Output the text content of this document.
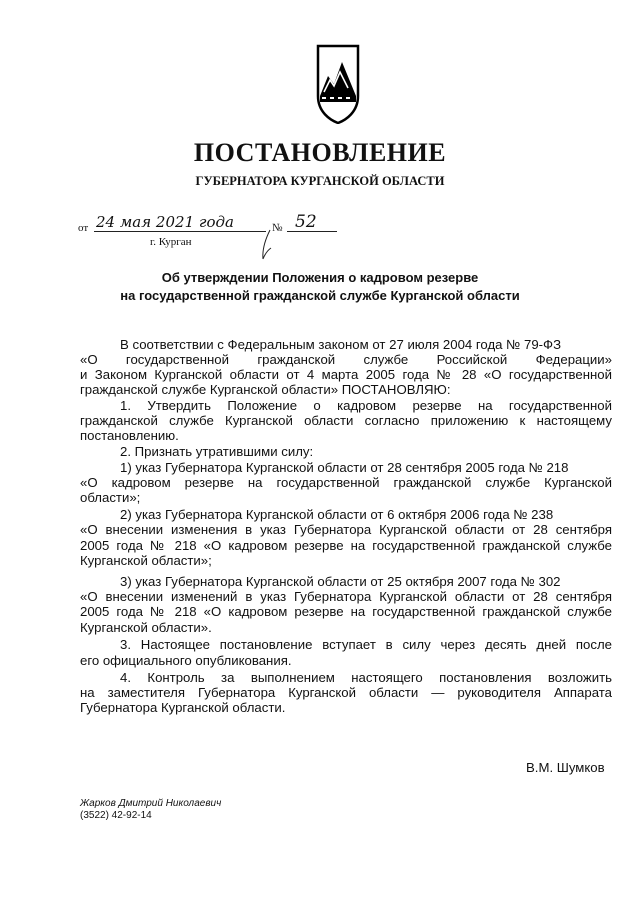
ПОСТАНОВЛЕНИЕ
ГУБЕРНАТОРА КУРГАНСКОЙ ОБЛАСТИ
от 24 мая 2021 года	№ 52
г. Курган
Об утверждении Положения о кадровом резерве
на государственной гражданской службе Курганской области
В соответствии с Федеральным законом от 27 июля 2004 года № 79-ФЗ
«О государственной гражданской службе Российской Федерации»
и Законом Курганской области от 4 марта 2005 года № 28 «О государственной
гражданской службе Курганской области» ПОСТАНОВЛЯЮ:
1. Утвердить Положение о кадровом резерве на государственной
гражданской службе Курганской области согласно приложению к настоящему
постановлению.
2. Признать утратившими силу:
1) указ Губернатора Курганской области от 28 сентября 2005 года № 218
«О кадровом резерве на государственной гражданской службе Курганской
области»;
2) указ Губернатора Курганской области от 6 октября 2006 года № 238
«О внесении изменения в указ Губернатора Курганской области от 28 сентября
2005 года № 218 «О кадровом резерве на государственной гражданской службе
Курганской области»;
3) указ Губернатора Курганской области от 25 октября 2007 года № 302
«О внесении изменений в указ Губернатора Курганской области от 28 сентября
2005 года № 218 «О кадровом резерве на государственной гражданской службе
Курганской области».
3. Настоящее постановление вступает в силу через десять дней после
его официального опубликования.
4. Контроль за выполнением настоящего постановления возложить
на заместителя Губернатора Курганской области — руководителя Аппарата
Губернатора Курганской области.
В.М. Шумков
Жарков Дмитрий Николаевич
(3522) 42-92-14
